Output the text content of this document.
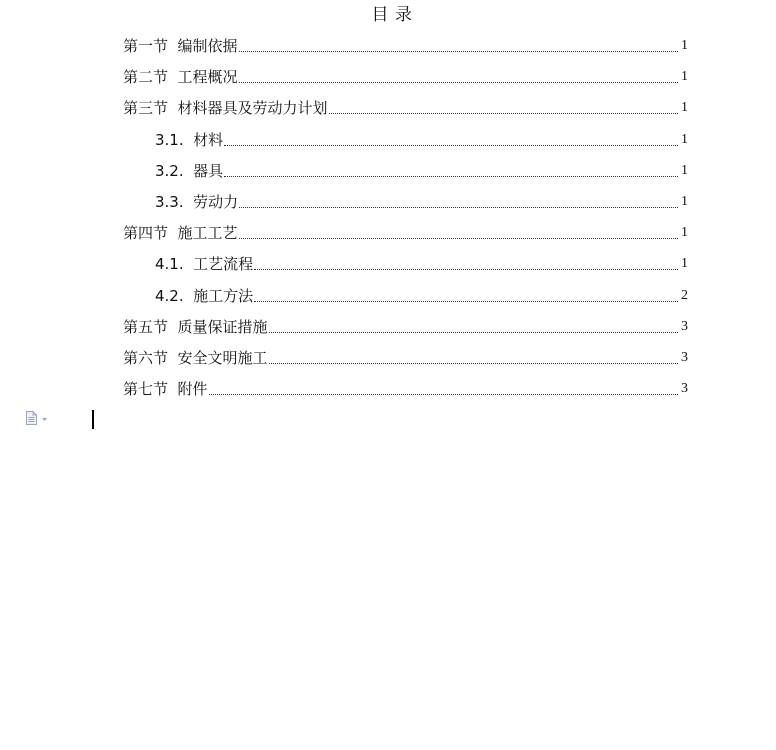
目 录
第一节 编制依据	1
第二节 工程概况	1
第三节 材料器具及劳动力计划	1
3.1. 材料	1
3.2. 器具	1
3.3. 劳动力	1
第四节 施工工艺	1
4.1. 工艺流程	1
4.2. 施工方法	2
第五节 质量保证措施	3
第六节 安全文明施工	3
第七节 附件	3
